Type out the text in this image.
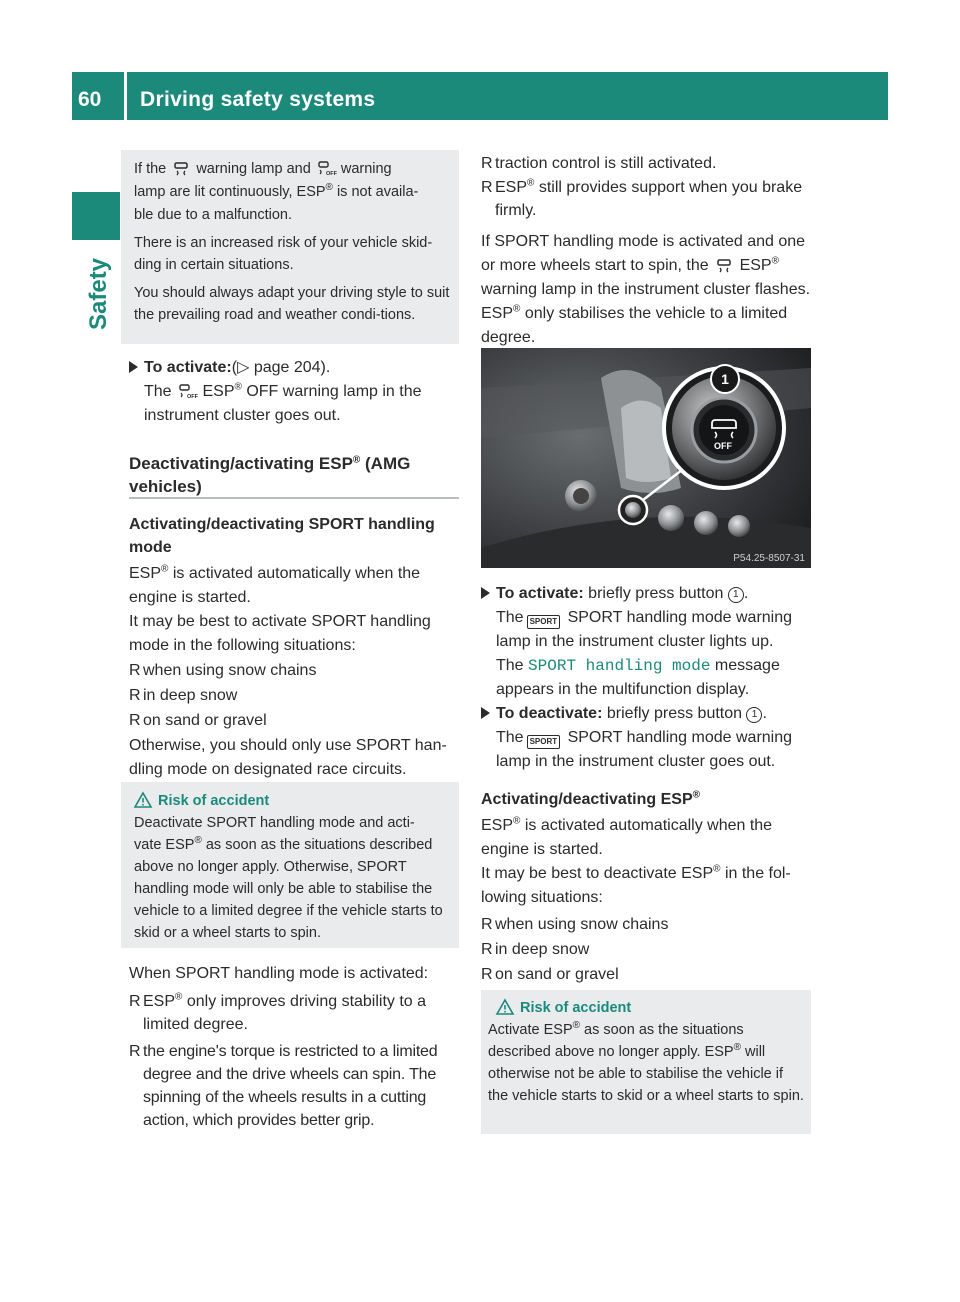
60 Driving safety systems
Safety
If the warning lamp and	OFF warning
lamp are lit continuously, ESP® is not availa-
ble due to a malfunction.
There is an increased risk of your vehicle skid-ding in certain situations.
You should always adapt your driving style to suit the prevailing road and weather condi-tions.
To activate:(▷ page 204).
The	OFF ESP® OFF warning lamp in the
instrument cluster goes out.
Deactivating/activating ESP® (AMG
vehicles)
Activating/deactivating SPORT handling mode
ESP® is activated automatically when the engine is started.
It may be best to activate SPORT handling mode in the following situations:
R when using snow chains
R in deep snow
R on sand or gravel
Otherwise, you should only use SPORT han-dling mode on designated race circuits.
Risk of accident
Deactivate SPORT handling mode and acti-
vate ESP® as soon as the situations described
above no longer apply. Otherwise, SPORT handling mode will only be able to stabilise the vehicle to a limited degree if the vehicle starts to skid or a wheel starts to spin.
When SPORT handling mode is activated:
R ESP® only improves driving stability to a limited degree.
R the engine's torque is restricted to a limited degree and the drive wheels can spin. The spinning of the wheels results in a cutting action, which provides better grip.
R traction control is still activated.
R ESP® still provides support when you brake firmly.
If SPORT handling mode is activated and one or more wheels start to spin, the ESP® warning lamp in the instrument cluster flashes. ESP® only stabilises the vehicle to a limited degree.
OFF
P54.25-8507-31
1
To activate: briefly press button 1 .
The SPORT SPORT handling mode warning
lamp in the instrument cluster lights up.
The SPORT handling mode message
appears in the multifunction display.
To deactivate: briefly press button 1 .
The SPORT SPORT handling mode warning
lamp in the instrument cluster goes out.
Activating/deactivating ESP®
ESP® is activated automatically when the engine is started.
It may be best to deactivate ESP® in the fol-lowing situations:
R when using snow chains
R in deep snow
R on sand or gravel
Risk of accident
Activate ESP® as soon as the situations
described above no longer apply. ESP® will
otherwise not be able to stabilise the vehicle if the vehicle starts to skid or a wheel starts to spin.
